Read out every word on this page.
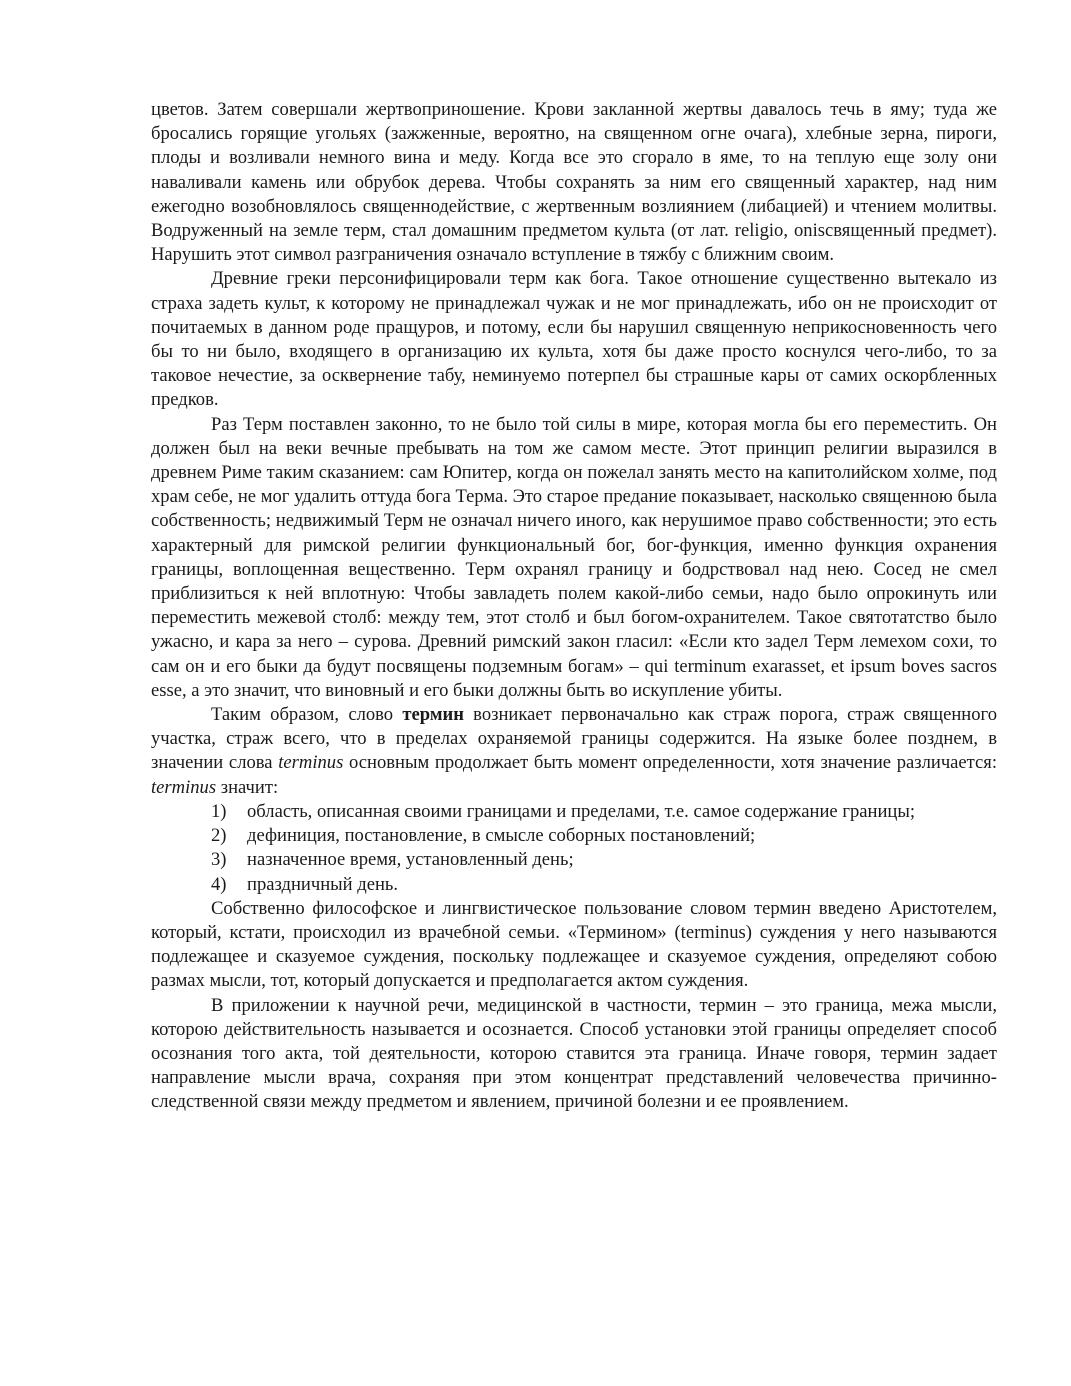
цветов. Затем совершали жертвоприношение. Крови закланной жертвы давалось течь в яму; туда же бросались горящие угольях (зажженные, вероятно, на священном огне очага), хлебные зерна, пироги, плоды и возливали немного вина и меду. Когда все это сгорало в яме, то на теплую еще золу они наваливали камень или обрубок дерева. Чтобы сохранять за ним его священный характер, над ним ежегодно возобновлялось священнодействие, с жертвенным возлиянием (либацией) и чтением молитвы. Водруженный на земле терм, стал домашним предметом культа (от лат. religio, oniscвященный предмет). Нарушить этот символ разграничения означало вступление в тяжбу с ближним своим.

Древние греки персонифицировали терм как бога. Такое отношение существенно вытекало из страха задеть культ, к которому не принадлежал чужак и не мог принадлежать, ибо он не происходит от почитаемых в данном роде пращуров, и потому, если бы нарушил священную неприкосновенность чего бы то ни было, входящего в организацию их культа, хотя бы даже просто коснулся чего-либо, то за таковое нечестие, за осквернение табу, неминуемо потерпел бы страшные кары от самих оскорбленных предков.

Раз Терм поставлен законно, то не было той силы в мире, которая могла бы его переместить. Он должен был на веки вечные пребывать на том же самом месте. Этот принцип религии выразился в древнем Риме таким сказанием: сам Юпитер, когда он пожелал занять место на капитолийском холме, под храм себе, не мог удалить оттуда бога Терма. Это старое предание показывает, насколько священною была собственность; недвижимый Терм не означал ничего иного, как нерушимое право собственности; это есть характерный для римской религии функциональный бог, бог-функция, именно функция охранения границы, воплощенная вещественно. Терм охранял границу и бодрствовал над нею. Сосед не смел приблизиться к ней вплотную: Чтобы завладеть полем какой-либо семьи, надо было опрокинуть или переместить межевой столб: между тем, этот столб и был богом-охранителем. Такое святотатство было ужасно, и кара за него – сурова. Древний римский закон гласил: «Если кто задел Терм лемехом сохи, то сам он и его быки да будут посвящены подземным богам» – qui terminum exarasset, et ipsum boves sacros esse, а это значит, что виновный и его быки должны быть во искупление убиты.

Таким образом, слово термин возникает первоначально как страж порога, страж священного участка, страж всего, что в пределах охраняемой границы содержится. На языке более позднем, в значении слова terminus основным продолжает быть момент определенности, хотя значение различается: terminus значит:

1) область, описанная своими границами и пределами, т.е. самое содержание границы;

2) дефиниция, постановление, в смысле соборных постановлений;

3) назначенное время, установленный день;

4) праздничный день.

Собственно философское и лингвистическое пользование словом термин введено Аристотелем, который, кстати, происходил из врачебной семьи. «Термином» (terminus) суждения у него называются подлежащее и сказуемое суждения, поскольку подлежащее и сказуемое суждения, определяют собою размах мысли, тот, который допускается и предполагается актом суждения.

В приложении к научной речи, медицинской в частности, термин – это граница, межа мысли, которою действительность называется и осознается. Способ установки этой границы определяет способ осознания того акта, той деятельности, которою ставится эта граница. Иначе говоря, термин задает направление мысли врача, сохраняя при этом концентрат представлений человечества причинно-следственной связи между предметом и явлением, причиной болезни и ее проявлением.
